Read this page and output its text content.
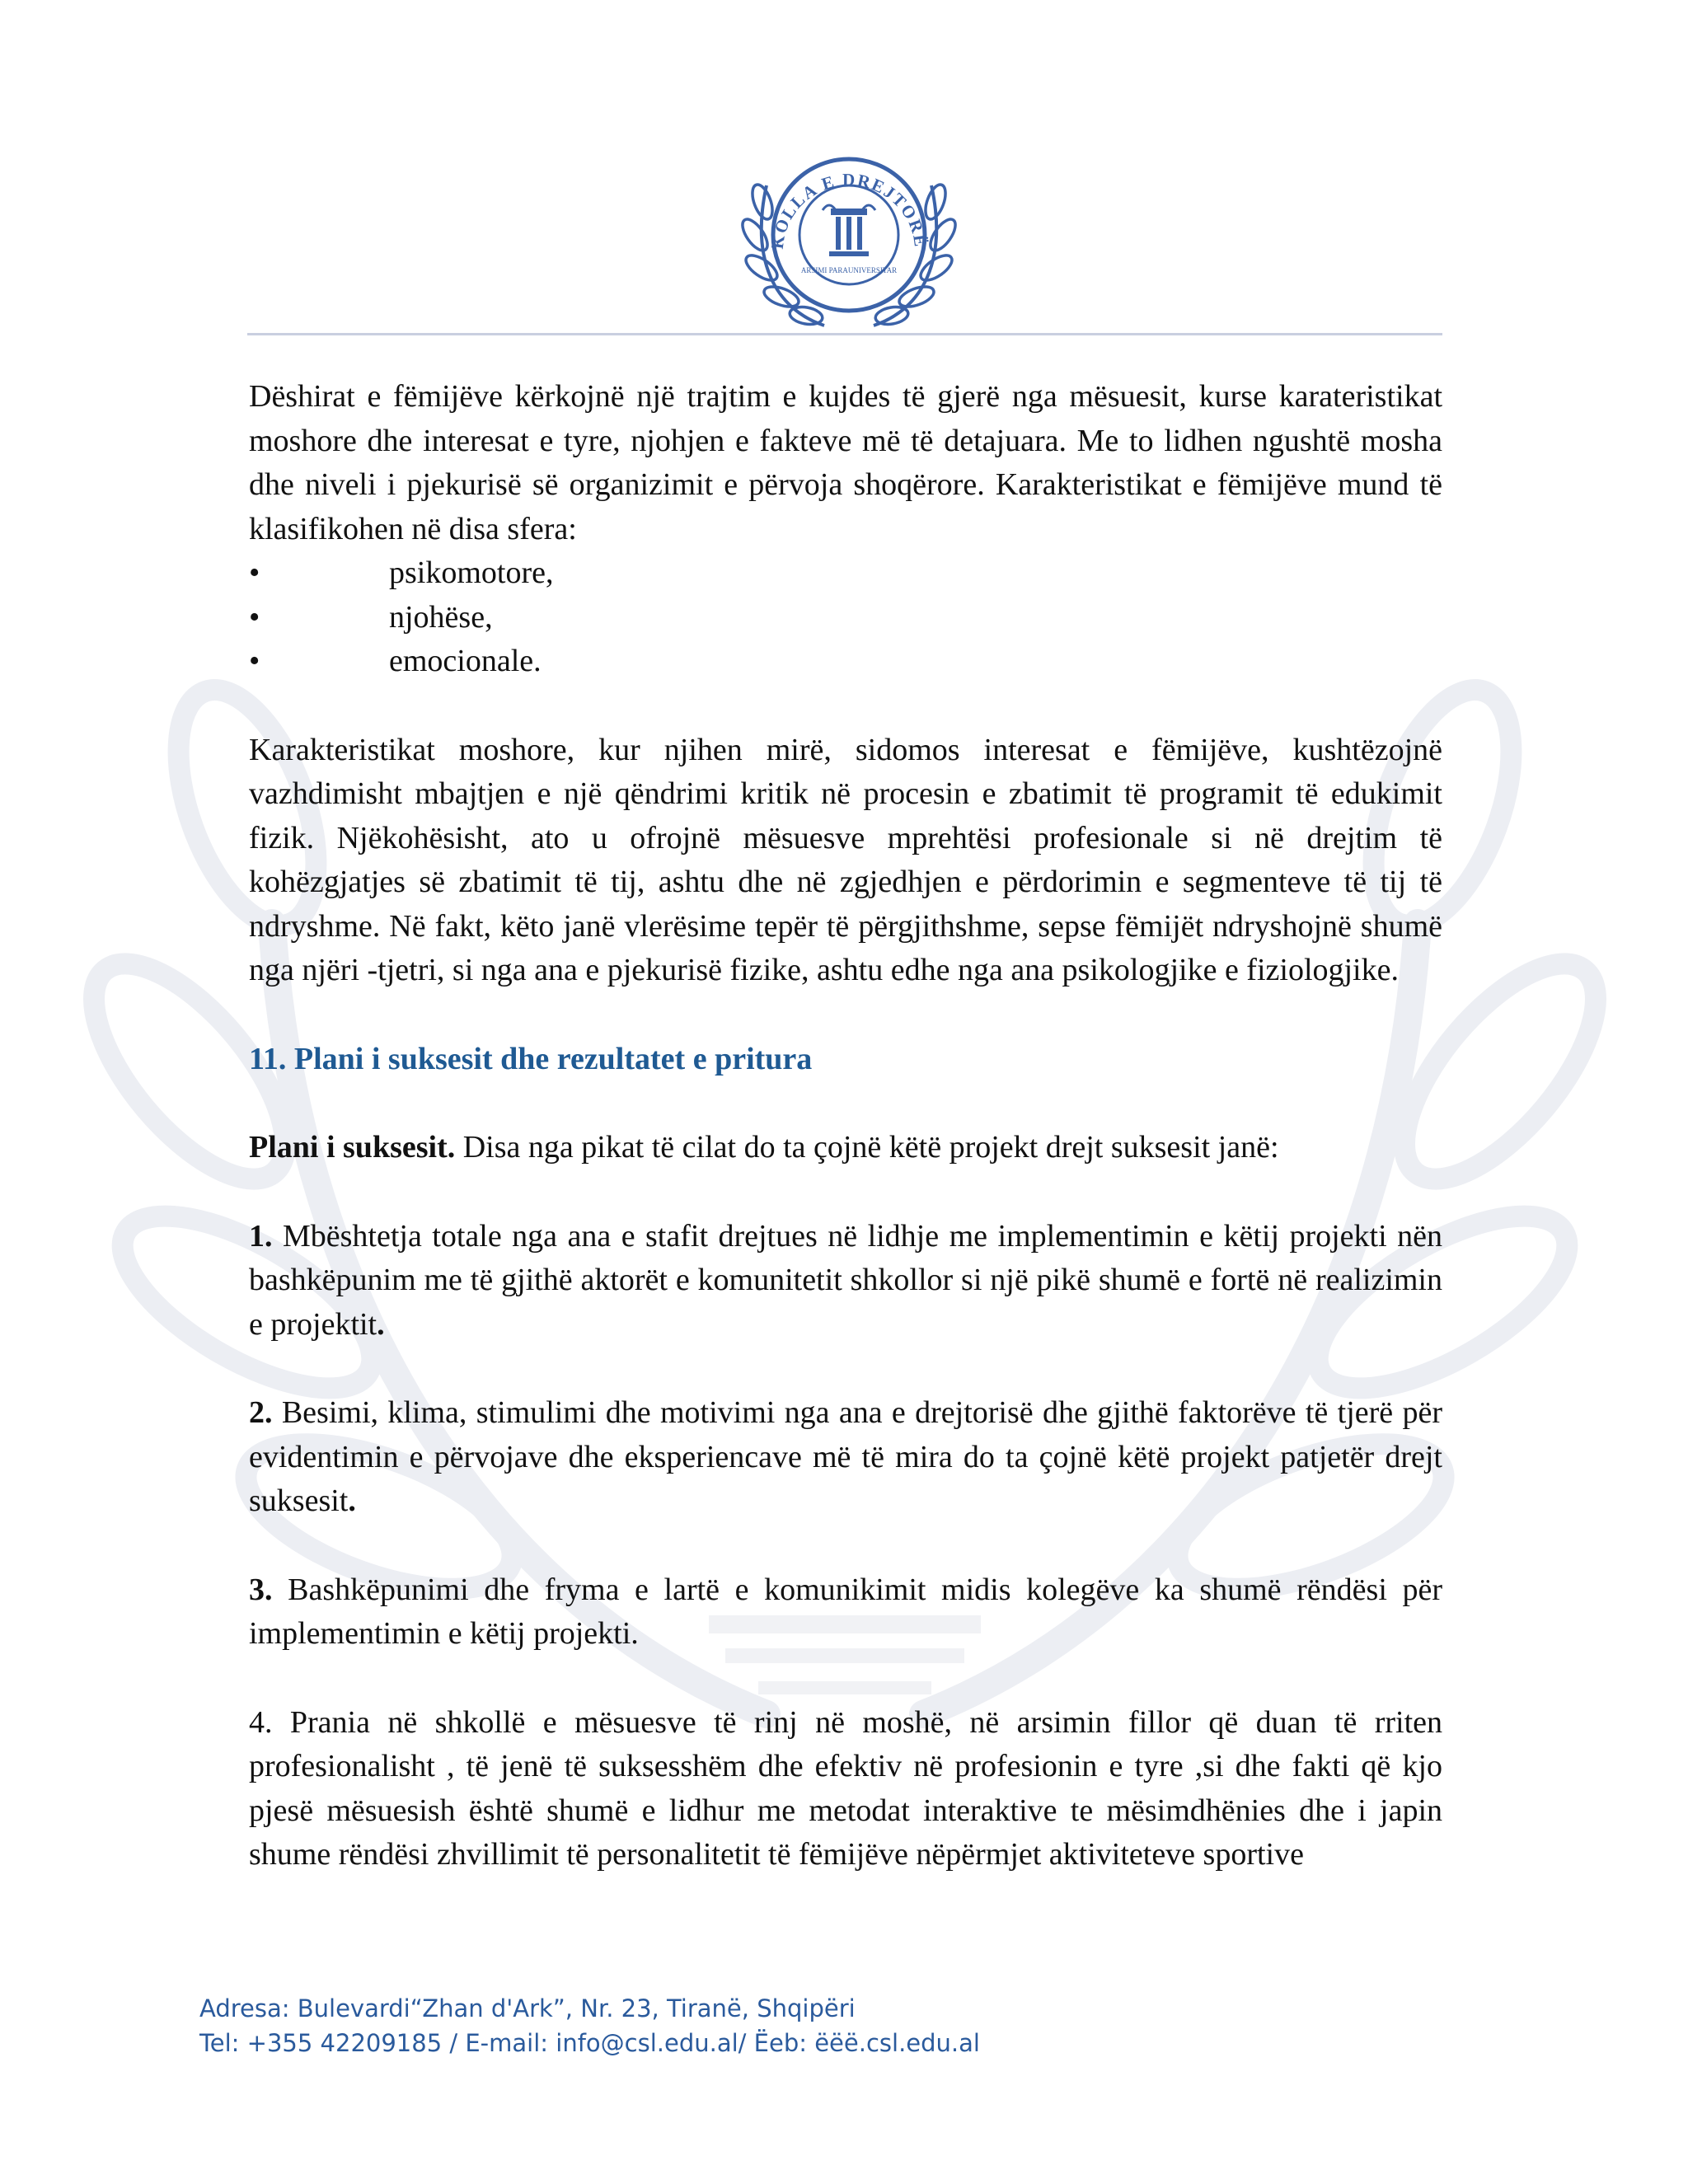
KOLLA E DREJTORË
ARSIMI PARAUNIVERSITAR

Dëshirat e fëmijëve kërkojnë një trajtim e kujdes të gjerë nga mësuesit, kurse karateristikat moshore dhe interesat e tyre, njohjen e fakteve më të detajuara. Me to lidhen ngushtë mosha dhe niveli i pjekurisë së organizimit e përvoja shoqërore. Karakteristikat e fëmijëve mund të klasifikohen në disa sfera:

•	psikomotore,
•	njohëse,
•	emocionale.

Karakteristikat moshore, kur njihen mirë, sidomos interesat e fëmijëve, kushtëzojnë vazhdimisht mbajtjen e një qëndrimi kritik në procesin e zbatimit të programit të edukimit fizik. Njëkohësisht, ato u ofrojnë mësuesve mprehtësi profesionale si në drejtim të kohëzgjatjes së zbatimit të tij, ashtu dhe në zgjedhjen e përdorimin e segmenteve të tij të ndryshme. Në fakt, këto janë vlerësime tepër të përgjithshme, sepse fëmijët ndryshojnë shumë nga njëri -tjetri, si nga ana e pjekurisë fizike, ashtu edhe nga ana psikologjike e fiziologjike.

11. Plani i suksesit dhe rezultatet e pritura

Plani i suksesit. Disa nga pikat të cilat do ta çojnë këtë projekt drejt suksesit janë:

1. Mbështetja totale nga ana e stafit drejtues në lidhje me implementimin e këtij projekti nën bashkëpunim me të gjithë aktorët e komunitetit shkollor si një pikë shumë e fortë në realizimin e projektit.

2. Besimi, klima, stimulimi dhe motivimi nga ana e drejtorisë dhe gjithë faktorëve të tjerë për evidentimin e përvojave dhe eksperiencave më të mira do ta çojnë këtë projekt patjetër drejt suksesit.

3. Bashkëpunimi dhe fryma e lartë e komunikimit midis kolegëve ka shumë rëndësi për implementimin e këtij projekti.

4. Prania në shkollë e mësuesve të rinj në moshë, në arsimin fillor që duan të rriten profesionalisht , të jenë të suksesshëm dhe efektiv në profesionin e tyre ,si dhe fakti që kjo pjesë mësuesish është shumë e lidhur me metodat interaktive te mësimdhënies dhe i japin shume rëndësi zhvillimit të personalitetit të fëmijëve nëpërmjet aktiviteteve sportive

Adresa: Bulevardi“Zhan d'Ark”, Nr. 23, Tiranë, Shqipëri
Tel: +355 42209185 / E-mail: info@csl.edu.al/ Ëeb: ëëë.csl.edu.al
